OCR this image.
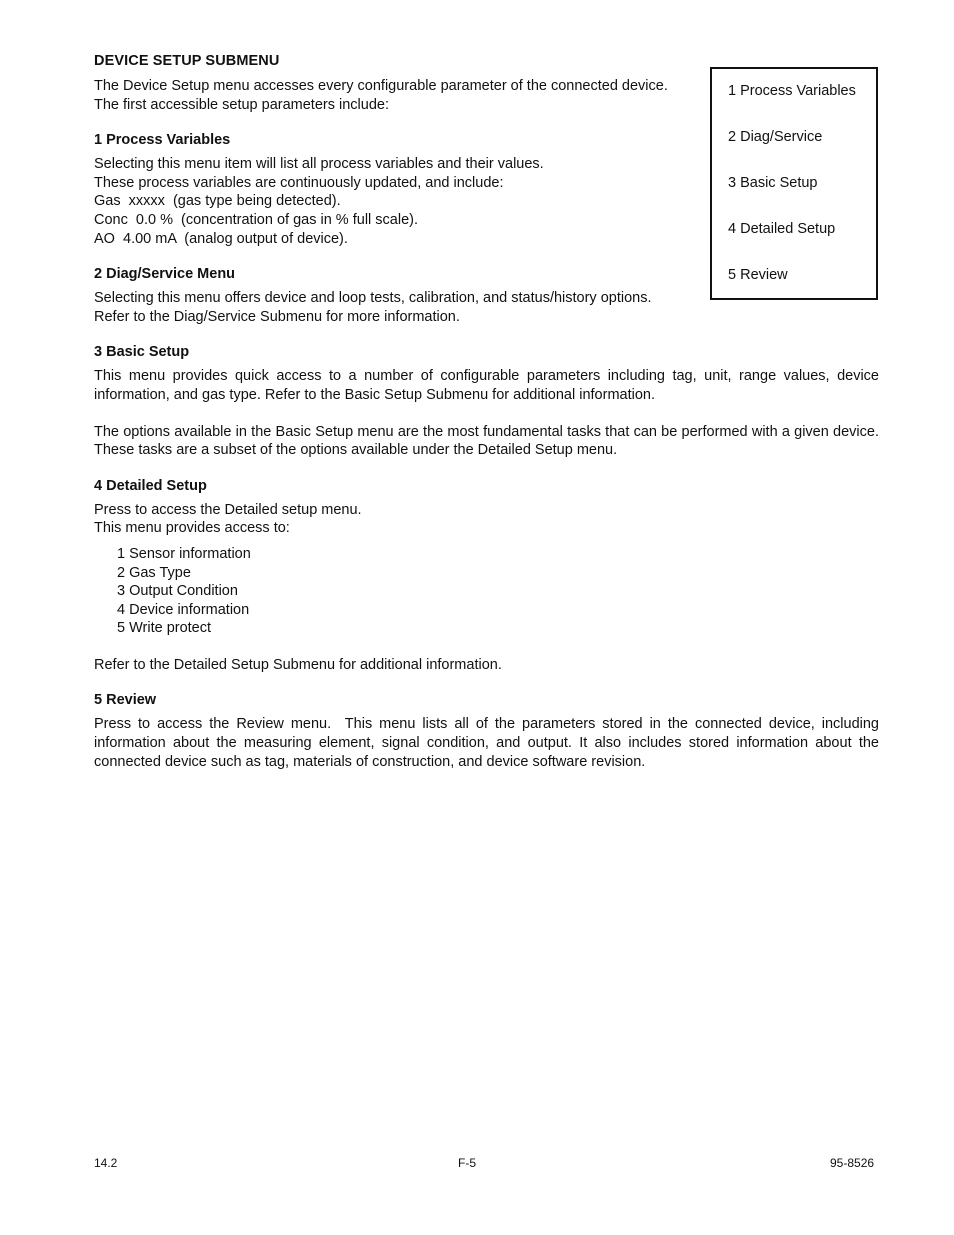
DEVICE SETUP SUBMENU

The Device Setup menu accesses every configurable parameter of the connected device.

The first accessible setup parameters include:

1 Process Variables

Selecting this menu item will list all process variables and their values.

These process variables are continuously updated, and include:

Gas  xxxxx  (gas type being detected).

Conc  0.0 %  (concentration of gas in % full scale).

AO  4.00 mA  (analog output of device).

2 Diag/Service Menu

Selecting this menu offers device and loop tests, calibration, and status/history options.

Refer to the Diag/Service Submenu for more information.

3 Basic Setup

This menu provides quick access to a number of configurable parameters including tag, unit, range values, device information, and gas type. Refer to the Basic Setup Submenu for additional information.

The options available in the Basic Setup menu are the most fundamental tasks that can be performed with a given device. These tasks are a subset of the options available under the Detailed Setup menu.

4 Detailed Setup

Press to access the Detailed setup menu.

This menu provides access to:

1 Sensor information
2 Gas Type
3 Output Condition
4 Device information
5 Write protect

Refer to the Detailed Setup Submenu for additional information.

5 Review

Press to access the Review menu.  This menu lists all of the parameters stored in the connected device, including information about the measuring element, signal condition, and output. It also includes stored information about the connected device such as tag, materials of construction, and device software revision.

1 Process Variables
2 Diag/Service
3 Basic Setup
4 Detailed Setup
5 Review
14.2	F-5	95-8526
